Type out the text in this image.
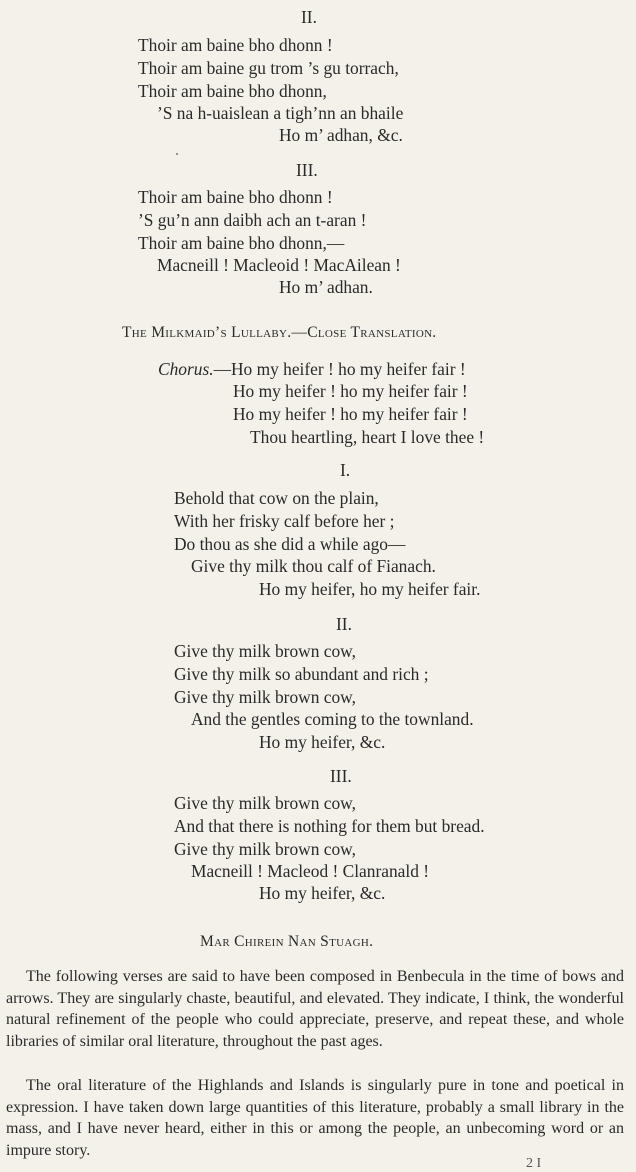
II.
Thoir am baine bho dhonn !
Thoir am baine gu trom ’s gu torrach,
Thoir am baine bho dhonn,
’S na h-uaislean a tigh’nn an bhaile
Ho m’ adhan, &c.
III.
Thoir am baine bho dhonn !
’S gu’n ann daibh ach an t-aran !
Thoir am baine bho dhonn,—
Macneill ! Macleoid ! MacAilean !
Ho m’ adhan.
The Milkmaid’s Lullaby.—Close Translation.
Chorus.—Ho my heifer ! ho my heifer fair !
Ho my heifer ! ho my heifer fair !
Ho my heifer ! ho my heifer fair !
Thou heartling, heart I love thee !
I.
Behold that cow on the plain,
With her frisky calf before her ;
Do thou as she did a while ago—
Give thy milk thou calf of Fianach.
Ho my heifer, ho my heifer fair.
II.
Give thy milk brown cow,
Give thy milk so abundant and rich ;
Give thy milk brown cow,
And the gentles coming to the townland.
Ho my heifer, &c.
III.
Give thy milk brown cow,
And that there is nothing for them but bread.
Give thy milk brown cow,
Macneill ! Macleod ! Clanranald !
Ho my heifer, &c.
Mar Chirein Nan Stuagh.
The following verses are said to have been composed in Benbecula in the time of bows and arrows. They are singularly chaste, beautiful, and elevated. They indicate, I think, the wonderful natural refinement of the people who could appreciate, preserve, and repeat these, and whole libraries of similar oral literature, throughout the past ages.
The oral literature of the Highlands and Islands is singularly pure in tone and poetical in expression. I have taken down large quantities of this literature, probably a small library in the mass, and I have never heard, either in this or among the people, an unbecoming word or an impure story.
2 I
